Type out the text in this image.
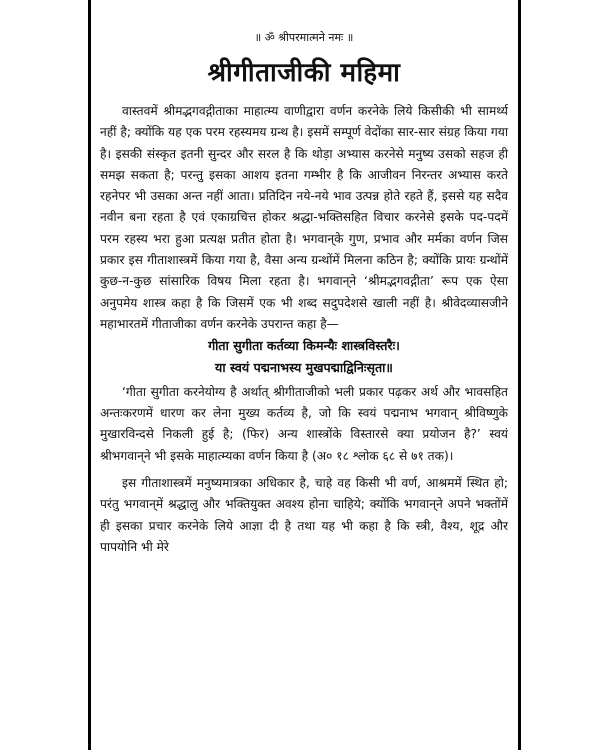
॥ ॐ श्रीपरमात्मने नमः ॥

श्रीगीताजीकी महिमा

वास्तवमें श्रीमद्भगवद्गीताका माहात्म्य वाणीद्वारा वर्णन करनेके लिये किसीकी भी सामर्थ्य नहीं है; क्योंकि यह एक परम रहस्यमय ग्रन्थ है। इसमें सम्पूर्ण वेदोंका सार-सार संग्रह किया गया है। इसकी संस्कृत इतनी सुन्दर और सरल है कि थोड़ा अभ्यास करनेसे मनुष्य उसको सहज ही समझ सकता है; परन्तु इसका आशय इतना गम्भीर है कि आजीवन निरन्तर अभ्यास करते रहनेपर भी उसका अन्त नहीं आता। प्रतिदिन नये-नये भाव उत्पन्न होते रहते हैं, इससे यह सदैव नवीन बना रहता है एवं एकाग्रचित्त होकर श्रद्धा-भक्तिसहित विचार करनेसे इसके पद-पदमें परम रहस्य भरा हुआ प्रत्यक्ष प्रतीत होता है। भगवान्‌के गुण, प्रभाव और मर्मका वर्णन जिस प्रकार इस गीताशास्त्रमें किया गया है, वैसा अन्य ग्रन्थोंमें मिलना कठिन है; क्योंकि प्रायः ग्रन्थोंमें कुछ-न-कुछ सांसारिक विषय मिला रहता है। भगवान्‌ने ‘श्रीमद्भगवद्गीता’ रूप एक ऐसा अनुपमेय शास्त्र कहा है कि जिसमें एक भी शब्द सदुपदेशसे खाली नहीं है। श्रीवेदव्यासजीने महाभारतमें गीताजीका वर्णन करनेके उपरान्त कहा है—

गीता सुगीता कर्तव्या किमन्यैः शास्त्रविस्तरैः।

या स्वयं पद्मनाभस्य मुखपद्माद्विनिःसृता॥

‘गीता सुगीता करनेयोग्य है अर्थात् श्रीगीताजीको भली प्रकार पढ़कर अर्थ और भावसहित अन्तःकरणमें धारण कर लेना मुख्य कर्तव्य है, जो कि स्वयं पद्मनाभ भगवान् श्रीविष्णुके मुखारविन्दसे निकली हुई है; (फिर) अन्य शास्त्रोंके विस्तारसे क्या प्रयोजन है?’ स्वयं श्रीभगवान्‌ने भी इसके माहात्म्यका वर्णन किया है (अ० १८ श्लोक ६८ से ७१ तक)।

इस गीताशास्त्रमें मनुष्यमात्रका अधिकार है, चाहे वह किसी भी वर्ण, आश्रममें स्थित हो; परंतु भगवान्‌में श्रद्धालु और भक्तियुक्त अवश्य होना चाहिये; क्योंकि भगवान्‌ने अपने भक्तोंमें ही इसका प्रचार करनेके लिये आज्ञा दी है तथा यह भी कहा है कि स्त्री, वैश्य, शूद्र और पापयोनि भी मेरे
